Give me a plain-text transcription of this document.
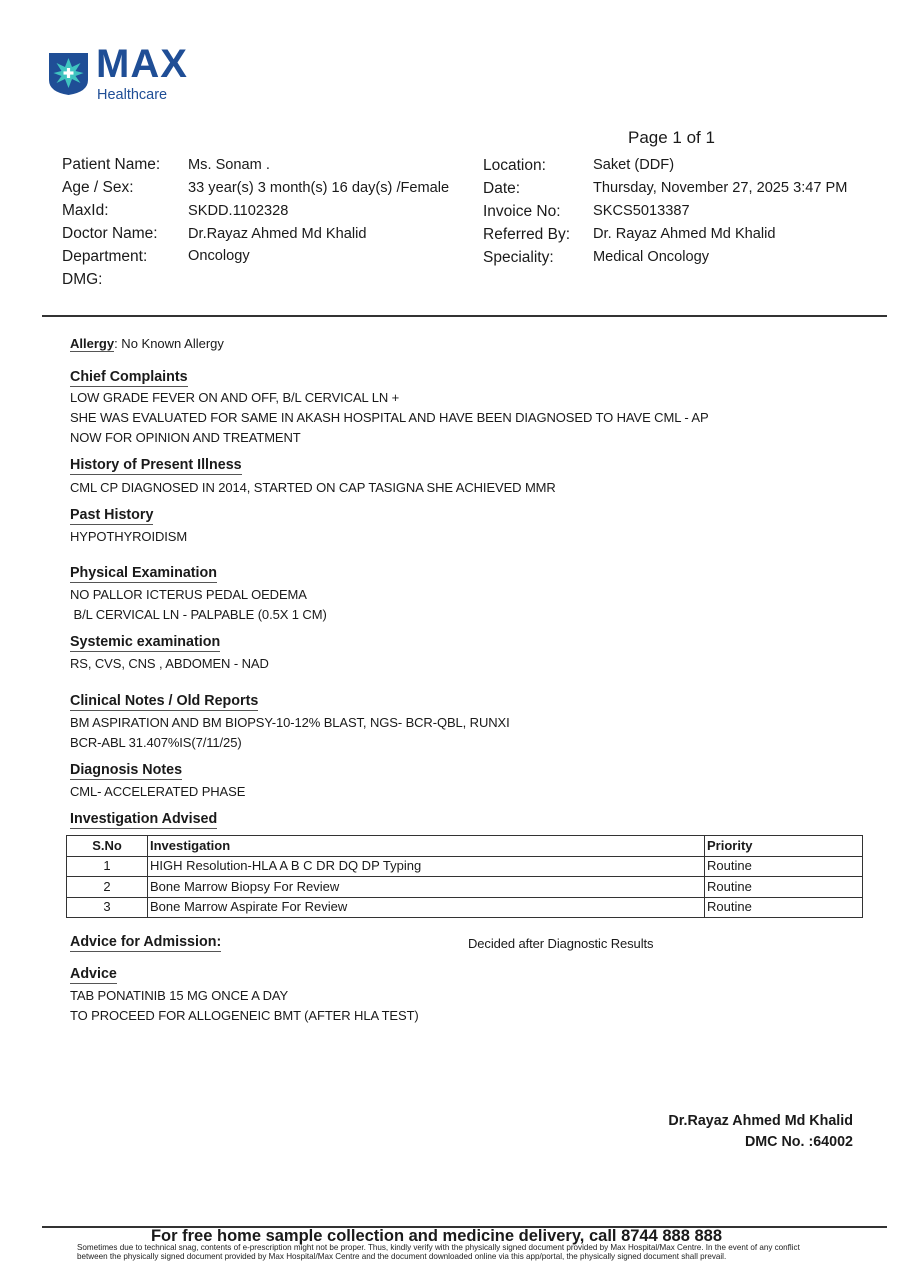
MAX
Healthcare
Page 1 of 1
Patient Name: Ms. Sonam .
Age / Sex:	33 year(s) 3 month(s) 16 day(s) /Female
MaxId:	SKDD.1102328
Doctor Name: Dr.Rayaz Ahmed Md Khalid
Department:	Oncology
DMG:
Location:	Saket (DDF)
Date:	Thursday, November 27, 2025 3:47 PM
Invoice No: SKCS5013387
Referred By: Dr. Rayaz Ahmed Md Khalid
Speciality:	Medical Oncology
Allergy: No Known Allergy
Chief Complaints
LOW GRADE FEVER ON AND OFF, B/L CERVICAL LN +
SHE WAS EVALUATED FOR SAME IN AKASH HOSPITAL AND HAVE BEEN DIAGNOSED TO HAVE CML - AP
NOW FOR OPINION AND TREATMENT
History of Present Illness
CML CP DIAGNOSED IN 2014, STARTED ON CAP TASIGNA SHE ACHIEVED MMR
Past History
HYPOTHYROIDISM
Physical Examination
NO PALLOR ICTERUS PEDAL OEDEMA
B/L CERVICAL LN - PALPABLE (0.5X 1 CM)
Systemic examination
RS, CVS, CNS , ABDOMEN - NAD
Clinical Notes / Old Reports
BM ASPIRATION AND BM BIOPSY-10-12% BLAST, NGS- BCR-QBL, RUNXI
BCR-ABL 31.407%IS(7/11/25)
Diagnosis Notes
CML- ACCELERATED PHASE
Investigation Advised
S.No	Investigation	Priority
1	HIGH Resolution-HLA A B C DR DQ DP Typing	Routine
2	Bone Marrow Biopsy For Review	Routine
3	Bone Marrow Aspirate For Review	Routine
Advice for Admission:	Decided after Diagnostic Results
Advice
TAB PONATINIB 15 MG ONCE A DAY
TO PROCEED FOR ALLOGENEIC BMT (AFTER HLA TEST)
Dr.Rayaz Ahmed Md Khalid
DMC No. :64002
For free home sample collection and medicine delivery, call 8744 888 888
Sometimes due to technical snag, contents of e-prescription might not be proper. Thus, kindly verify with the physically signed document provided by Max Hospital/Max Centre. In the event of any conflict between the physically signed document provided by Max Hospital/Max Centre and the document downloaded online via this app/portal, the physically signed document shall prevail.
